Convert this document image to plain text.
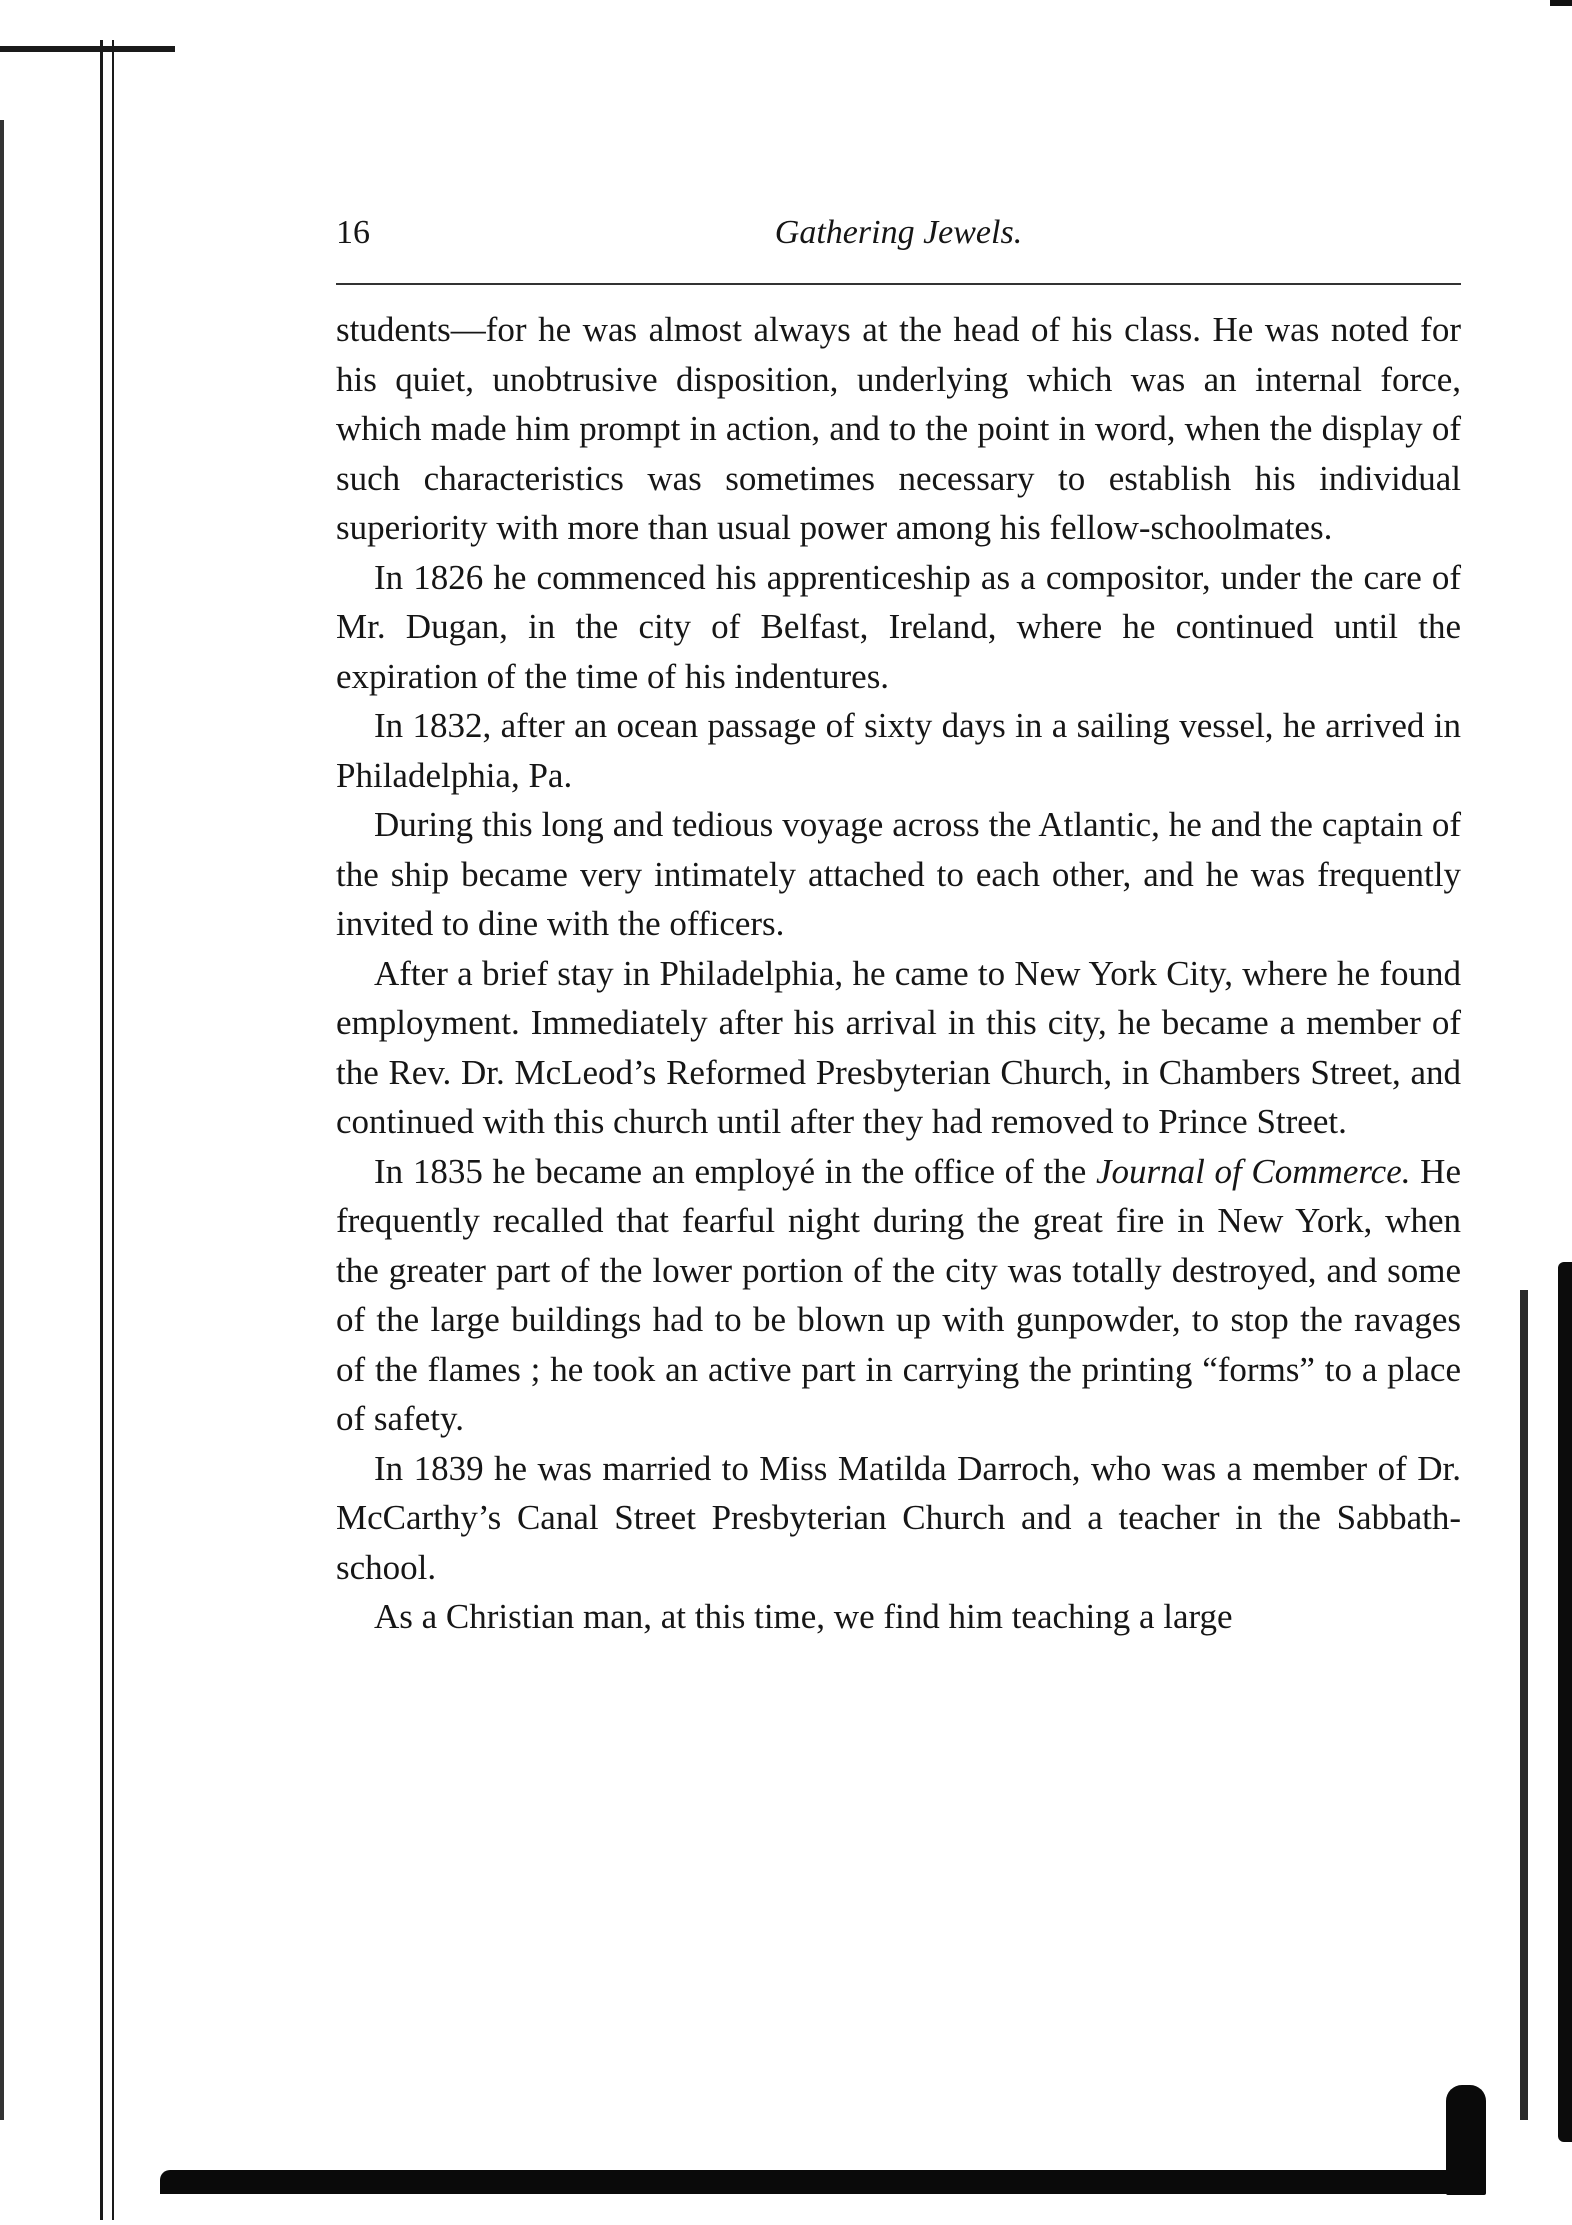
16	Gathering Jewels.

students—for he was almost always at the head of his class. He was noted for his quiet, unobtrusive disposition, underlying which was an internal force, which made him prompt in action, and to the point in word, when the display of such characteristics was sometimes necessary to establish his individual superiority with more than usual power among his fellow-schoolmates.

In 1826 he commenced his apprenticeship as a compositor, under the care of Mr. Dugan, in the city of Belfast, Ireland, where he continued until the expiration of the time of his indentures.

In 1832, after an ocean passage of sixty days in a sailing vessel, he arrived in Philadelphia, Pa.

During this long and tedious voyage across the Atlantic, he and the captain of the ship became very intimately attached to each other, and he was frequently invited to dine with the officers.

After a brief stay in Philadelphia, he came to New York City, where he found employment. Immediately after his arrival in this city, he became a member of the Rev. Dr. McLeod’s Reformed Presbyterian Church, in Chambers Street, and continued with this church until after they had removed to Prince Street.

In 1835 he became an employé in the office of the Journal of Commerce. He frequently recalled that fearful night during the great fire in New York, when the greater part of the lower portion of the city was totally destroyed, and some of the large buildings had to be blown up with gunpowder, to stop the ravages of the flames ; he took an active part in carrying the printing “forms” to a place of safety.

In 1839 he was married to Miss Matilda Darroch, who was a member of Dr. McCarthy’s Canal Street Presbyterian Church and a teacher in the Sabbath-school.

As a Christian man, at this time, we find him teaching a large
